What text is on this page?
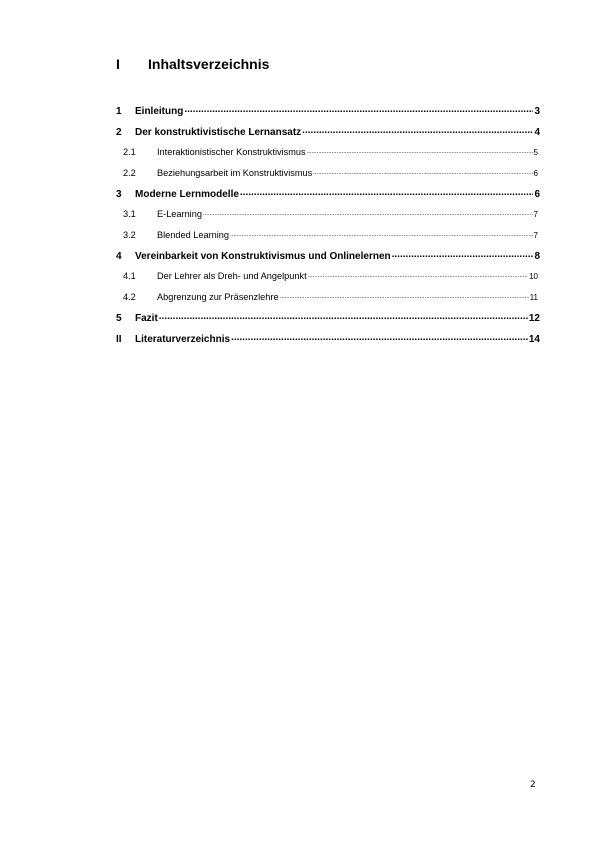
I	Inhaltsverzeichnis
1	Einleitung .....	3
2	Der konstruktivistische Lernansatz .....	4
2.1	Interaktionistischer Konstruktivismus .....	5
2.2	Beziehungsarbeit im Konstruktivismus .....	6
3	Moderne Lernmodelle .....	6
3.1	E-Learning .....	7
3.2	Blended Learning .....	7
4	Vereinbarkeit von Konstruktivismus und Onlinelernen .....	8
4.1	Der Lehrer als Dreh- und Angelpunkt .....	10
4.2	Abgrenzung zur Präsenzlehre .....	11
5	Fazit .....	12
II	Literaturverzeichnis .....	14
2
